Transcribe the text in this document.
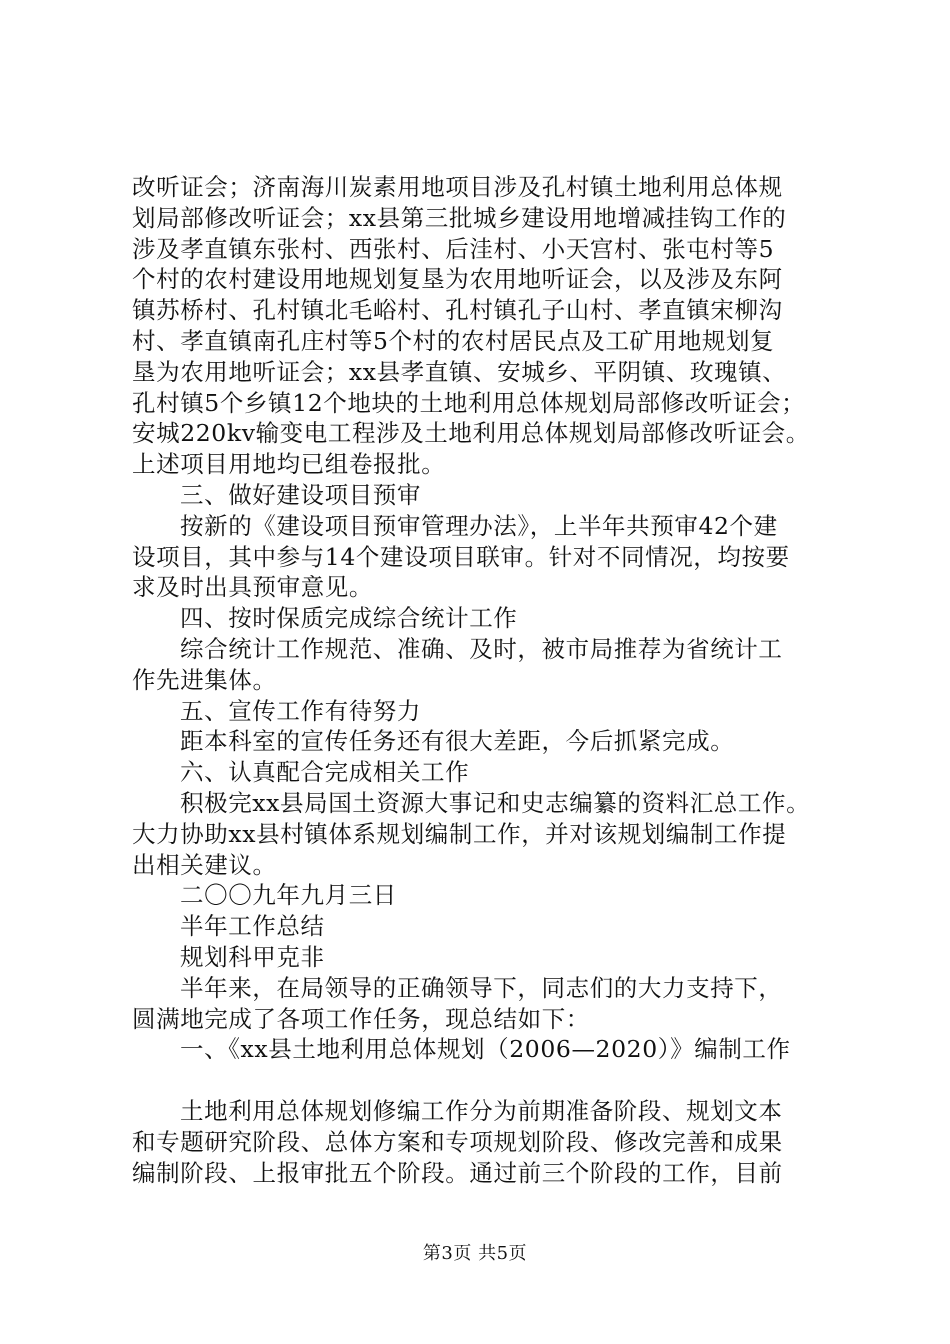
改听证会；济南海川炭素用地项目涉及孔村镇土地利用总体规
划局部修改听证会；xx县第三批城乡建设用地增减挂钩工作的
涉及孝直镇东张村、西张村、后洼村、小天宫村、张屯村等5
个村的农村建设用地规划复垦为农用地听证会，以及涉及东阿
镇苏桥村、孔村镇北毛峪村、孔村镇孔子山村、孝直镇宋柳沟
村、孝直镇南孔庄村等5个村的农村居民点及工矿用地规划复
垦为农用地听证会；xx县孝直镇、安城乡、平阴镇、玫瑰镇、
孔村镇5个乡镇12个地块的土地利用总体规划局部修改听证会；
安城220kv输变电工程涉及土地利用总体规划局部修改听证会。
上述项目用地均已组卷报批。
三、做好建设项目预审
按新的《建设项目预审管理办法》，上半年共预审42个建
设项目，其中参与14个建设项目联审。针对不同情况，均按要
求及时出具预审意见。
四、按时保质完成综合统计工作
综合统计工作规范、准确、及时，被市局推荐为省统计工
作先进集体。
五、宣传工作有待努力
距本科室的宣传任务还有很大差距，今后抓紧完成。
六、认真配合完成相关工作
积极完xx县局国土资源大事记和史志编纂的资料汇总工作。
大力协助xx县村镇体系规划编制工作，并对该规划编制工作提
出相关建议。
二〇〇九年九月三日
半年工作总结
规划科甲克非
半年来，在局领导的正确领导下，同志们的大力支持下，
圆满地完成了各项工作任务，现总结如下：
一、《xx县土地利用总体规划（2006—2020）》编制工作
土地利用总体规划修编工作分为前期准备阶段、规划文本
和专题研究阶段、总体方案和专项规划阶段、修改完善和成果
编制阶段、上报审批五个阶段。通过前三个阶段的工作，目前
第3页 共5页
